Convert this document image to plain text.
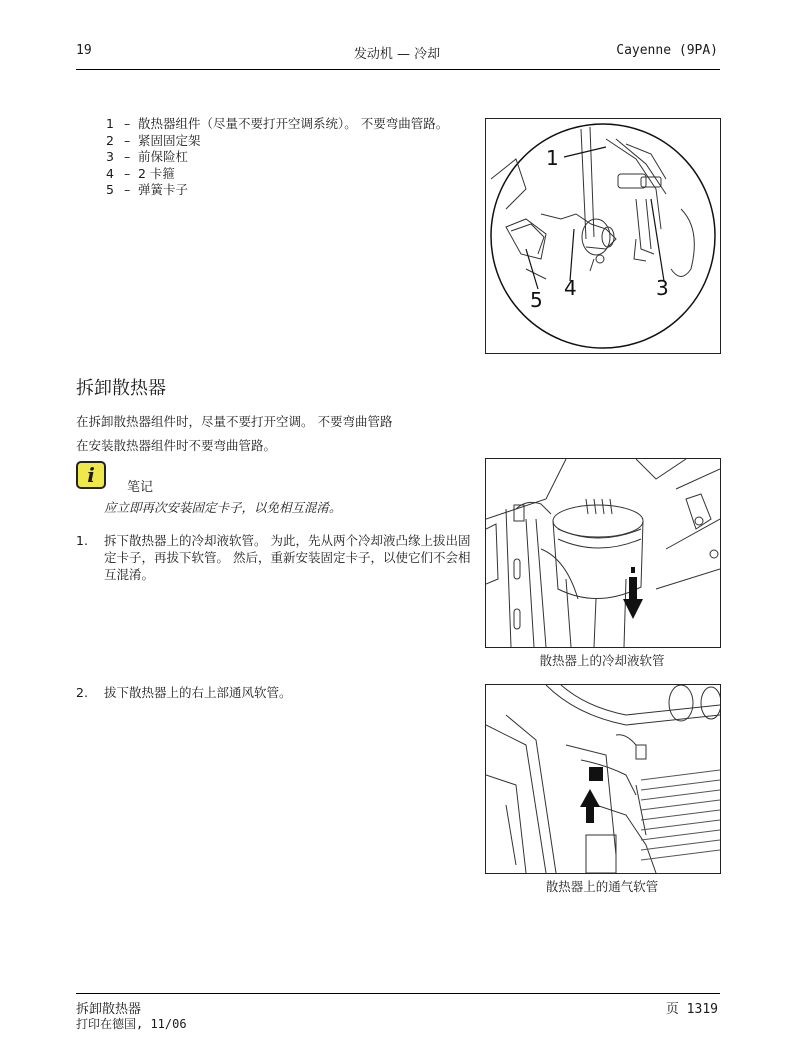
19	发动机 — 冷却	Cayenne (9PA)
1 – 散热器组件（尽量不要打开空调系统）。 不要弯曲管路。
2 – 紧固固定架
3 – 前保险杠
4 – 2 卡箍
5 – 弹簧卡子
1
4
5	3
拆卸散热器
在拆卸散热器组件时，尽量不要打开空调。 不要弯曲管路
在安装散热器组件时不要弯曲管路。
i
笔记
应立即再次安装固定卡子，以免相互混淆。
1. 拆下散热器上的冷却液软管。 为此，先从两个冷却液凸缘上拔出固定卡子，再拔下软管。 然后，重新安装固定卡子，以使它们不会相互混淆。
2. 拔下散热器上的右上部通风软管。
散热器上的冷却液软管
散热器上的通气软管
拆卸散热器
打印在德国, 11/06
页 1319
